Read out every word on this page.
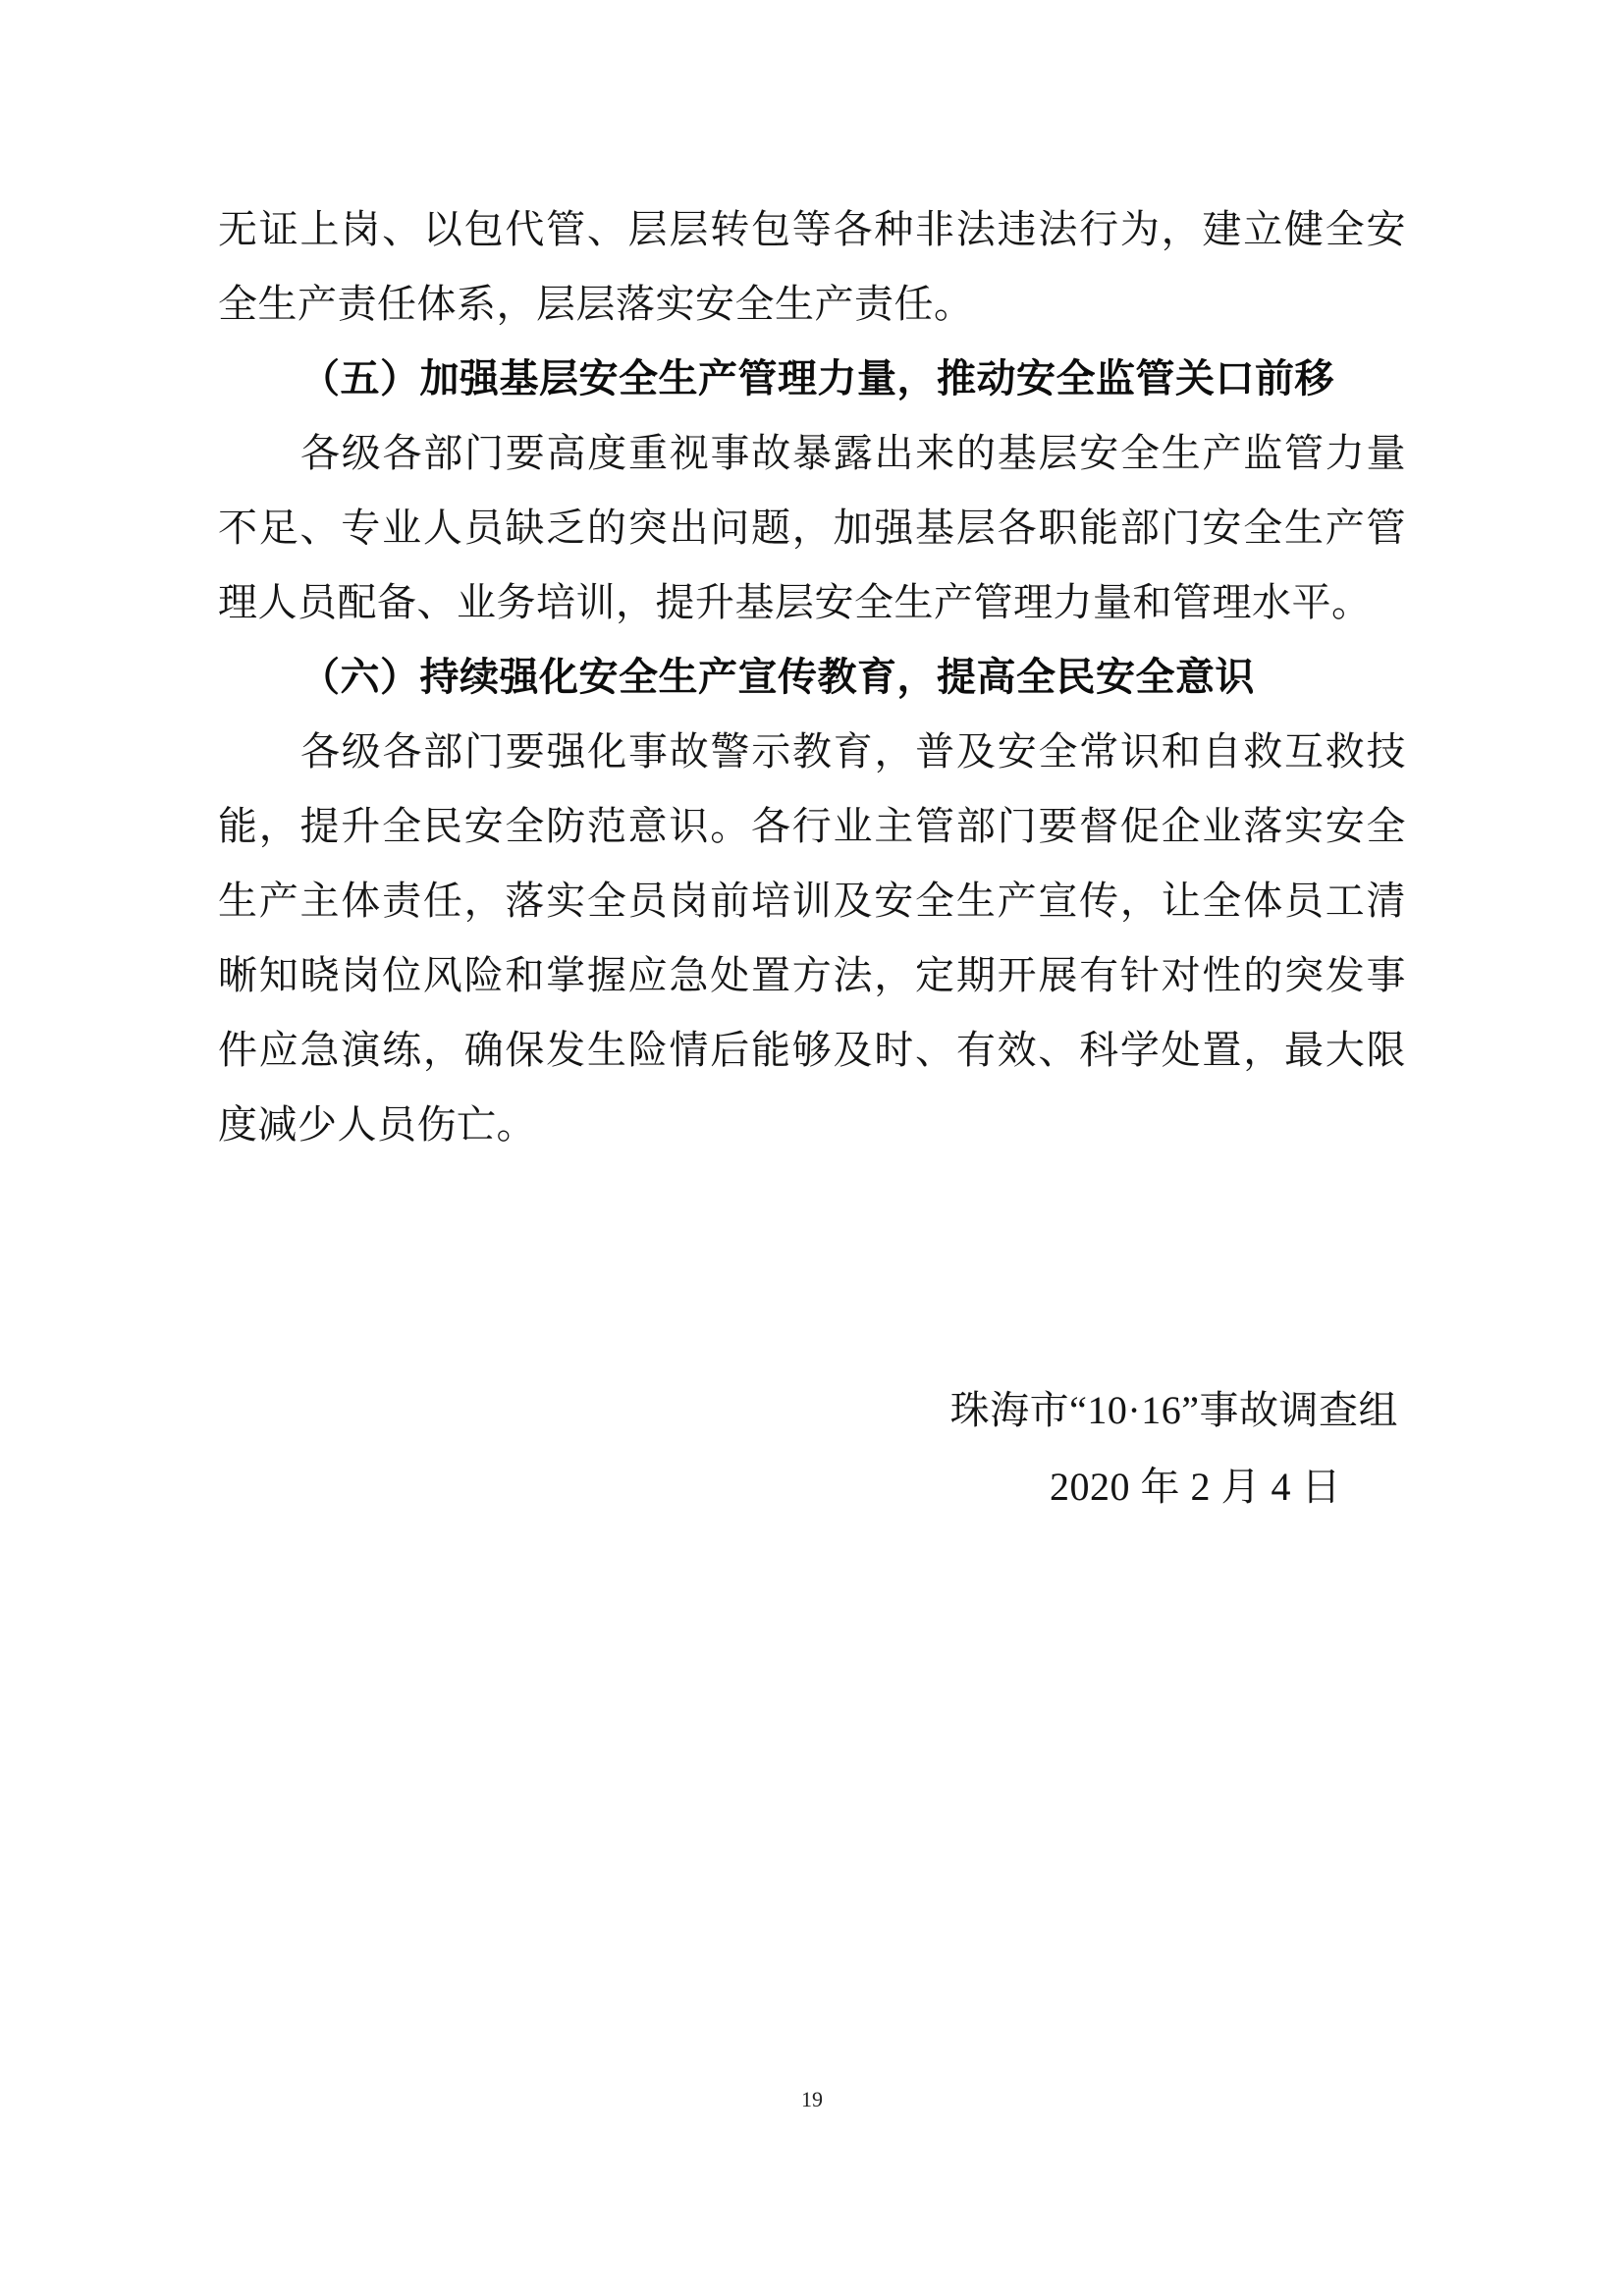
无证上岗、以包代管、层层转包等各种非法违法行为，建立健全安全生产责任体系，层层落实安全生产责任。

（五）加强基层安全生产管理力量，推动安全监管关口前移

各级各部门要高度重视事故暴露出来的基层安全生产监管力量不足、专业人员缺乏的突出问题，加强基层各职能部门安全生产管理人员配备、业务培训，提升基层安全生产管理力量和管理水平。

（六）持续强化安全生产宣传教育，提高全民安全意识

各级各部门要强化事故警示教育，普及安全常识和自救互救技能，提升全民安全防范意识。各行业主管部门要督促企业落实安全生产主体责任，落实全员岗前培训及安全生产宣传，让全体员工清晰知晓岗位风险和掌握应急处置方法，定期开展有针对性的突发事件应急演练，确保发生险情后能够及时、有效、科学处置，最大限度减少人员伤亡。

珠海市“10·16”事故调查组

2020 年 2 月 4 日

19
